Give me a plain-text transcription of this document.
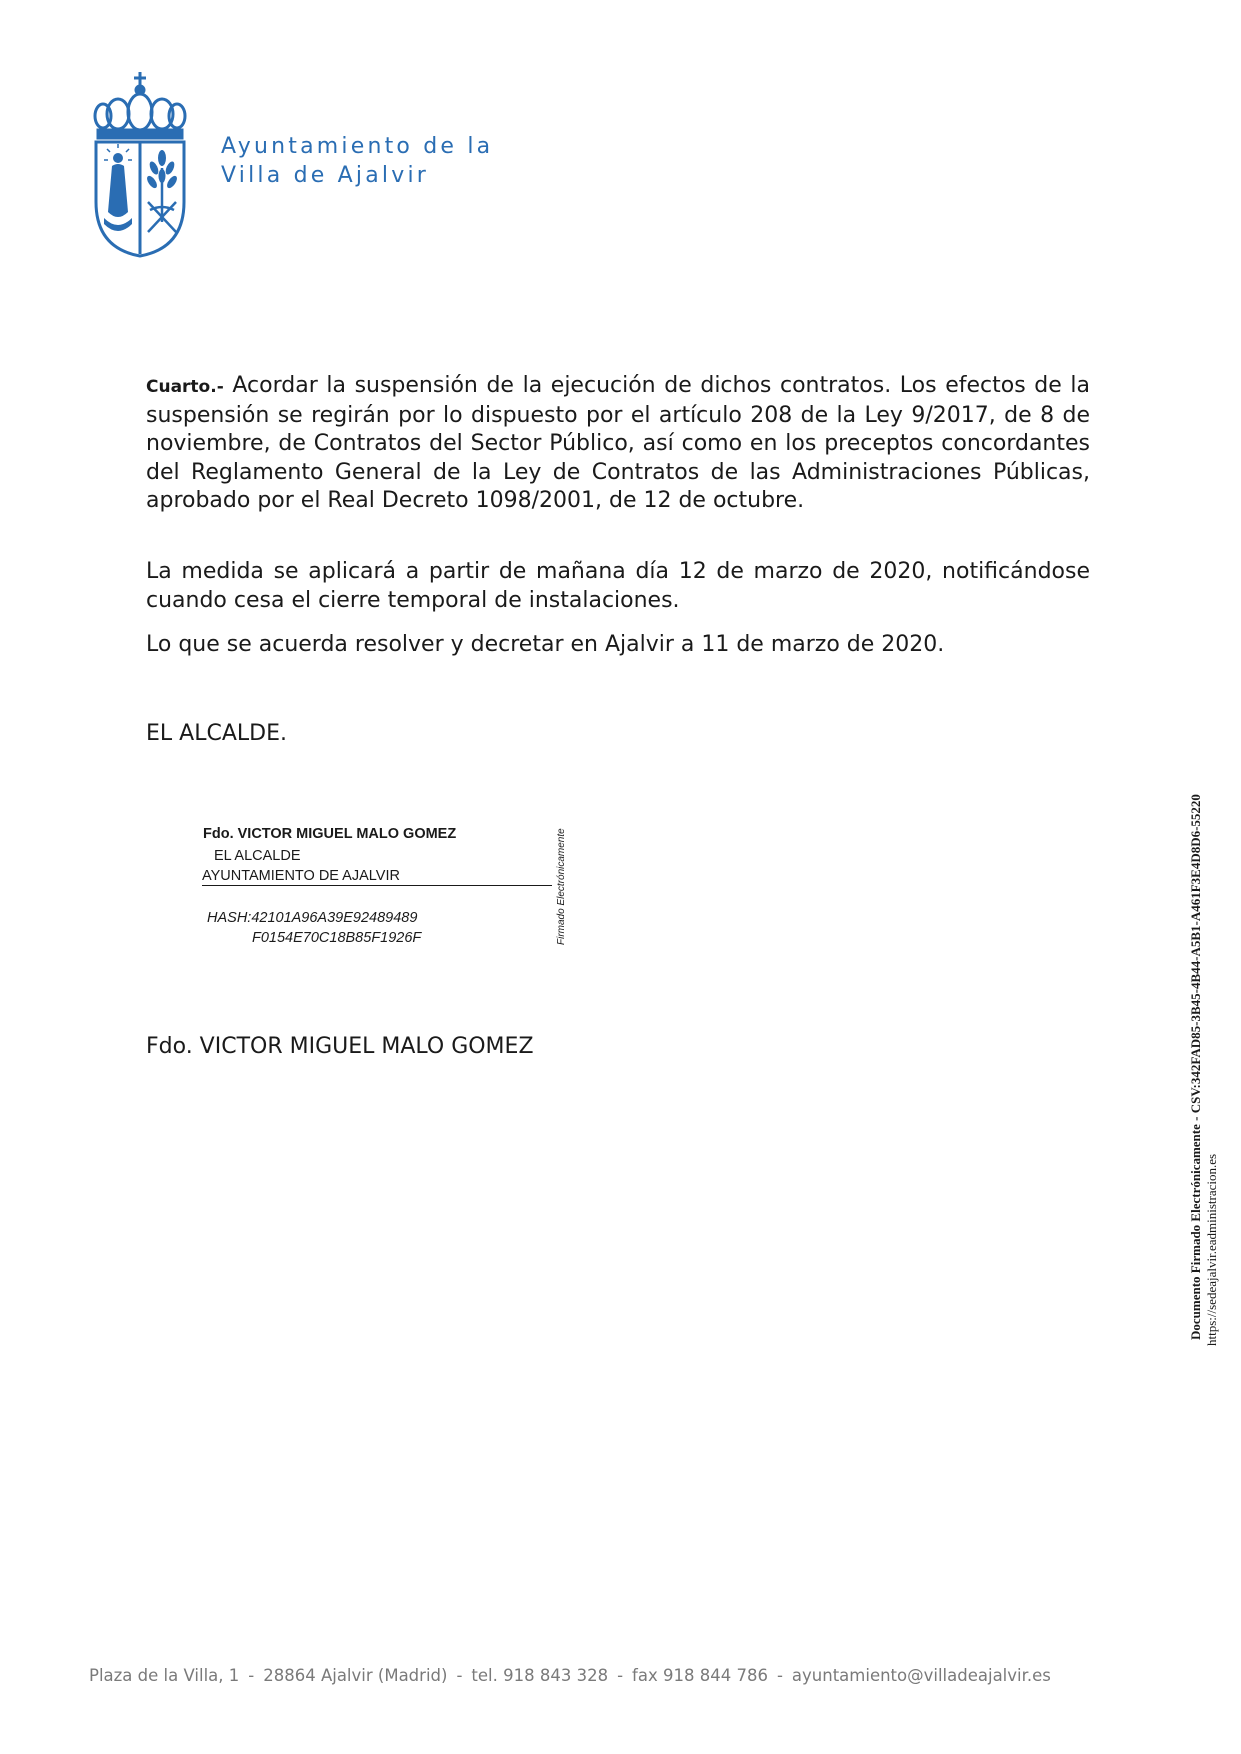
Ayuntamiento de la
Villa de Ajalvir
Cuarto.- Acordar la suspensión de la ejecución de dichos contratos. Los efectos de la suspensión se regirán por lo dispuesto por el artículo 208 de la Ley 9/2017, de 8 de noviembre, de Contratos del Sector Público, así como en los preceptos concordantes del Reglamento General de la Ley de Contratos de las Administraciones Públicas, aprobado por el Real Decreto 1098/2001, de 12 de octubre.
La medida se aplicará a partir de mañana día 12 de marzo de 2020, notificándose cuando cesa el cierre temporal de instalaciones.
Lo que se acuerda resolver y decretar en Ajalvir a 11 de marzo de 2020.
EL ALCALDE.
Fdo. VICTOR MIGUEL MALO GOMEZ
EL ALCALDE
AYUNTAMIENTO DE AJALVIR
HASH:42101A96A39E92489489
F0154E70C18B85F1926F	Firmado Electrónicamente
Fdo. VICTOR MIGUEL MALO GOMEZ	Documento Firmado Electrónicamente - CSV:342FAD85-3B45-4B44-A5B1-A461F3E4D8D6-55220 https://sedeajalvir.eadministracion.es
Plaza de la Villa, 1 - 28864 Ajalvir (Madrid) - tel. 918 843 328 - fax 918 844 786 - ayuntamiento@villadeajalvir.es
